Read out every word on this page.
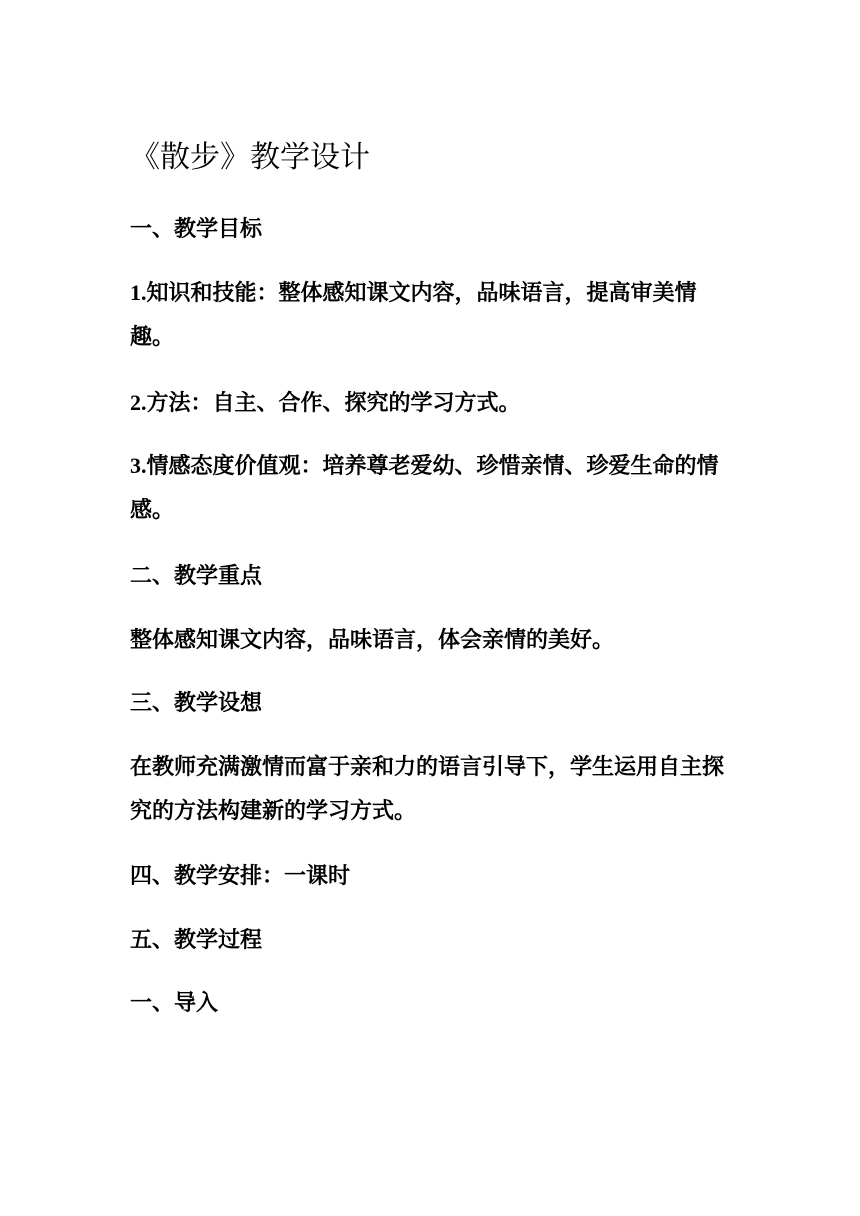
《散步》教学设计

一、教学目标

1.知识和技能：整体感知课文内容，品味语言，提高审美情趣。

2.方法：自主、合作、探究的学习方式。

3.情感态度价值观：培养尊老爱幼、珍惜亲情、珍爱生命的情感。

二、教学重点

整体感知课文内容，品味语言，体会亲情的美好。

三、教学设想

在教师充满激情而富于亲和力的语言引导下，学生运用自主探究的方法构建新的学习方式。

四、教学安排：一课时

五、教学过程

一、导入
